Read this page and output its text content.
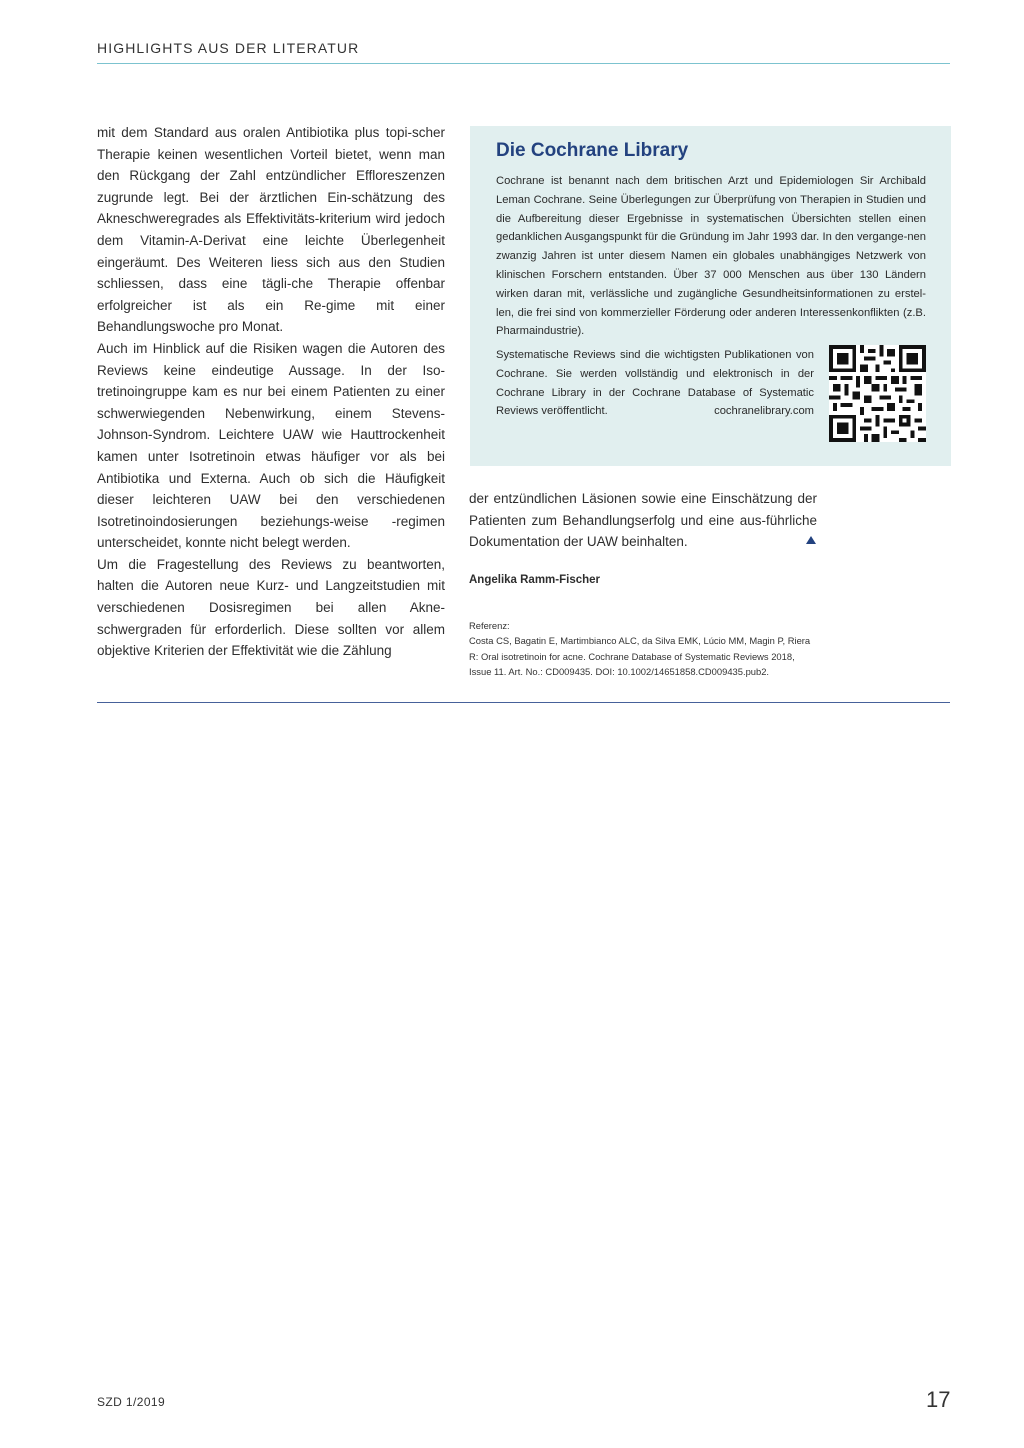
HIGHLIGHTS AUS DER LITERATUR

mit dem Standard aus oralen Antibiotika plus topi-scher Therapie keinen wesentlichen Vorteil bietet, wenn man den Rückgang der Zahl entzündlicher Effloreszenzen zugrunde legt. Bei der ärztlichen Ein-schätzung des Akneschweregrades als Effektivitäts-kriterium wird jedoch dem Vitamin-A-Derivat eine leichte Überlegenheit eingeräumt. Des Weiteren liess sich aus den Studien schliessen, dass eine tägli-che Therapie offenbar erfolgreicher ist als ein Re-gime mit einer Behandlungswoche pro Monat.

Auch im Hinblick auf die Risiken wagen die Autoren des Reviews keine eindeutige Aussage. In der Iso-tretinoingruppe kam es nur bei einem Patienten zu einer schwerwiegenden Nebenwirkung, einem Stevens-Johnson-Syndrom. Leichtere UAW wie Hauttrockenheit kamen unter Isotretinoin etwas häufiger vor als bei Antibiotika und Externa. Auch ob sich die Häufigkeit dieser leichteren UAW bei den verschiedenen Isotretinoindosierungen beziehungs-weise -regimen unterscheidet, konnte nicht belegt werden.

Um die Fragestellung des Reviews zu beantworten, halten die Autoren neue Kurz- und Langzeitstudien mit verschiedenen Dosisregimen bei allen Akne-schwergraden für erforderlich. Diese sollten vor allem objektive Kriterien der Effektivität wie die Zählung

Die Cochrane Library

Cochrane ist benannt nach dem britischen Arzt und Epidemiologen Sir Archibald Leman Cochrane. Seine Überlegungen zur Überprüfung von Therapien in Studien und die Aufbereitung dieser Ergebnisse in systematischen Übersichten stellen einen gedanklichen Ausgangspunkt für die Gründung im Jahr 1993 dar. In den vergange-nen zwanzig Jahren ist unter diesem Namen ein globales unabhängiges Netzwerk von klinischen Forschern entstanden. Über 37 000 Menschen aus über 130 Ländern wirken daran mit, verlässliche und zugängliche Gesundheitsinformationen zu erstel-len, die frei sind von kommerzieller Förderung oder anderen Interessenkonflikten (z.B. Pharmaindustrie).

Systematische Reviews sind die wichtigsten Publikationen von Cochrane. Sie werden vollständig und elektronisch in der Cochrane Library in der Cochrane Database of Systematic Reviews veröffentlicht.	cochranelibrary.com

der entzündlichen Läsionen sowie eine Einschätzung der Patienten zum Behandlungserfolg und eine aus-führliche Dokumentation der UAW beinhalten.

Angelika Ramm-Fischer

Referenz:

Costa CS, Bagatin E, Martimbianco ALC, da Silva EMK, Lúcio MM, Magin P, Riera R: Oral isotretinoin for acne. Cochrane Database of Systematic Reviews 2018, Issue 11. Art. No.: CD009435. DOI: 10.1002/14651858.CD009435.pub2.

SZD 1/2019	17
